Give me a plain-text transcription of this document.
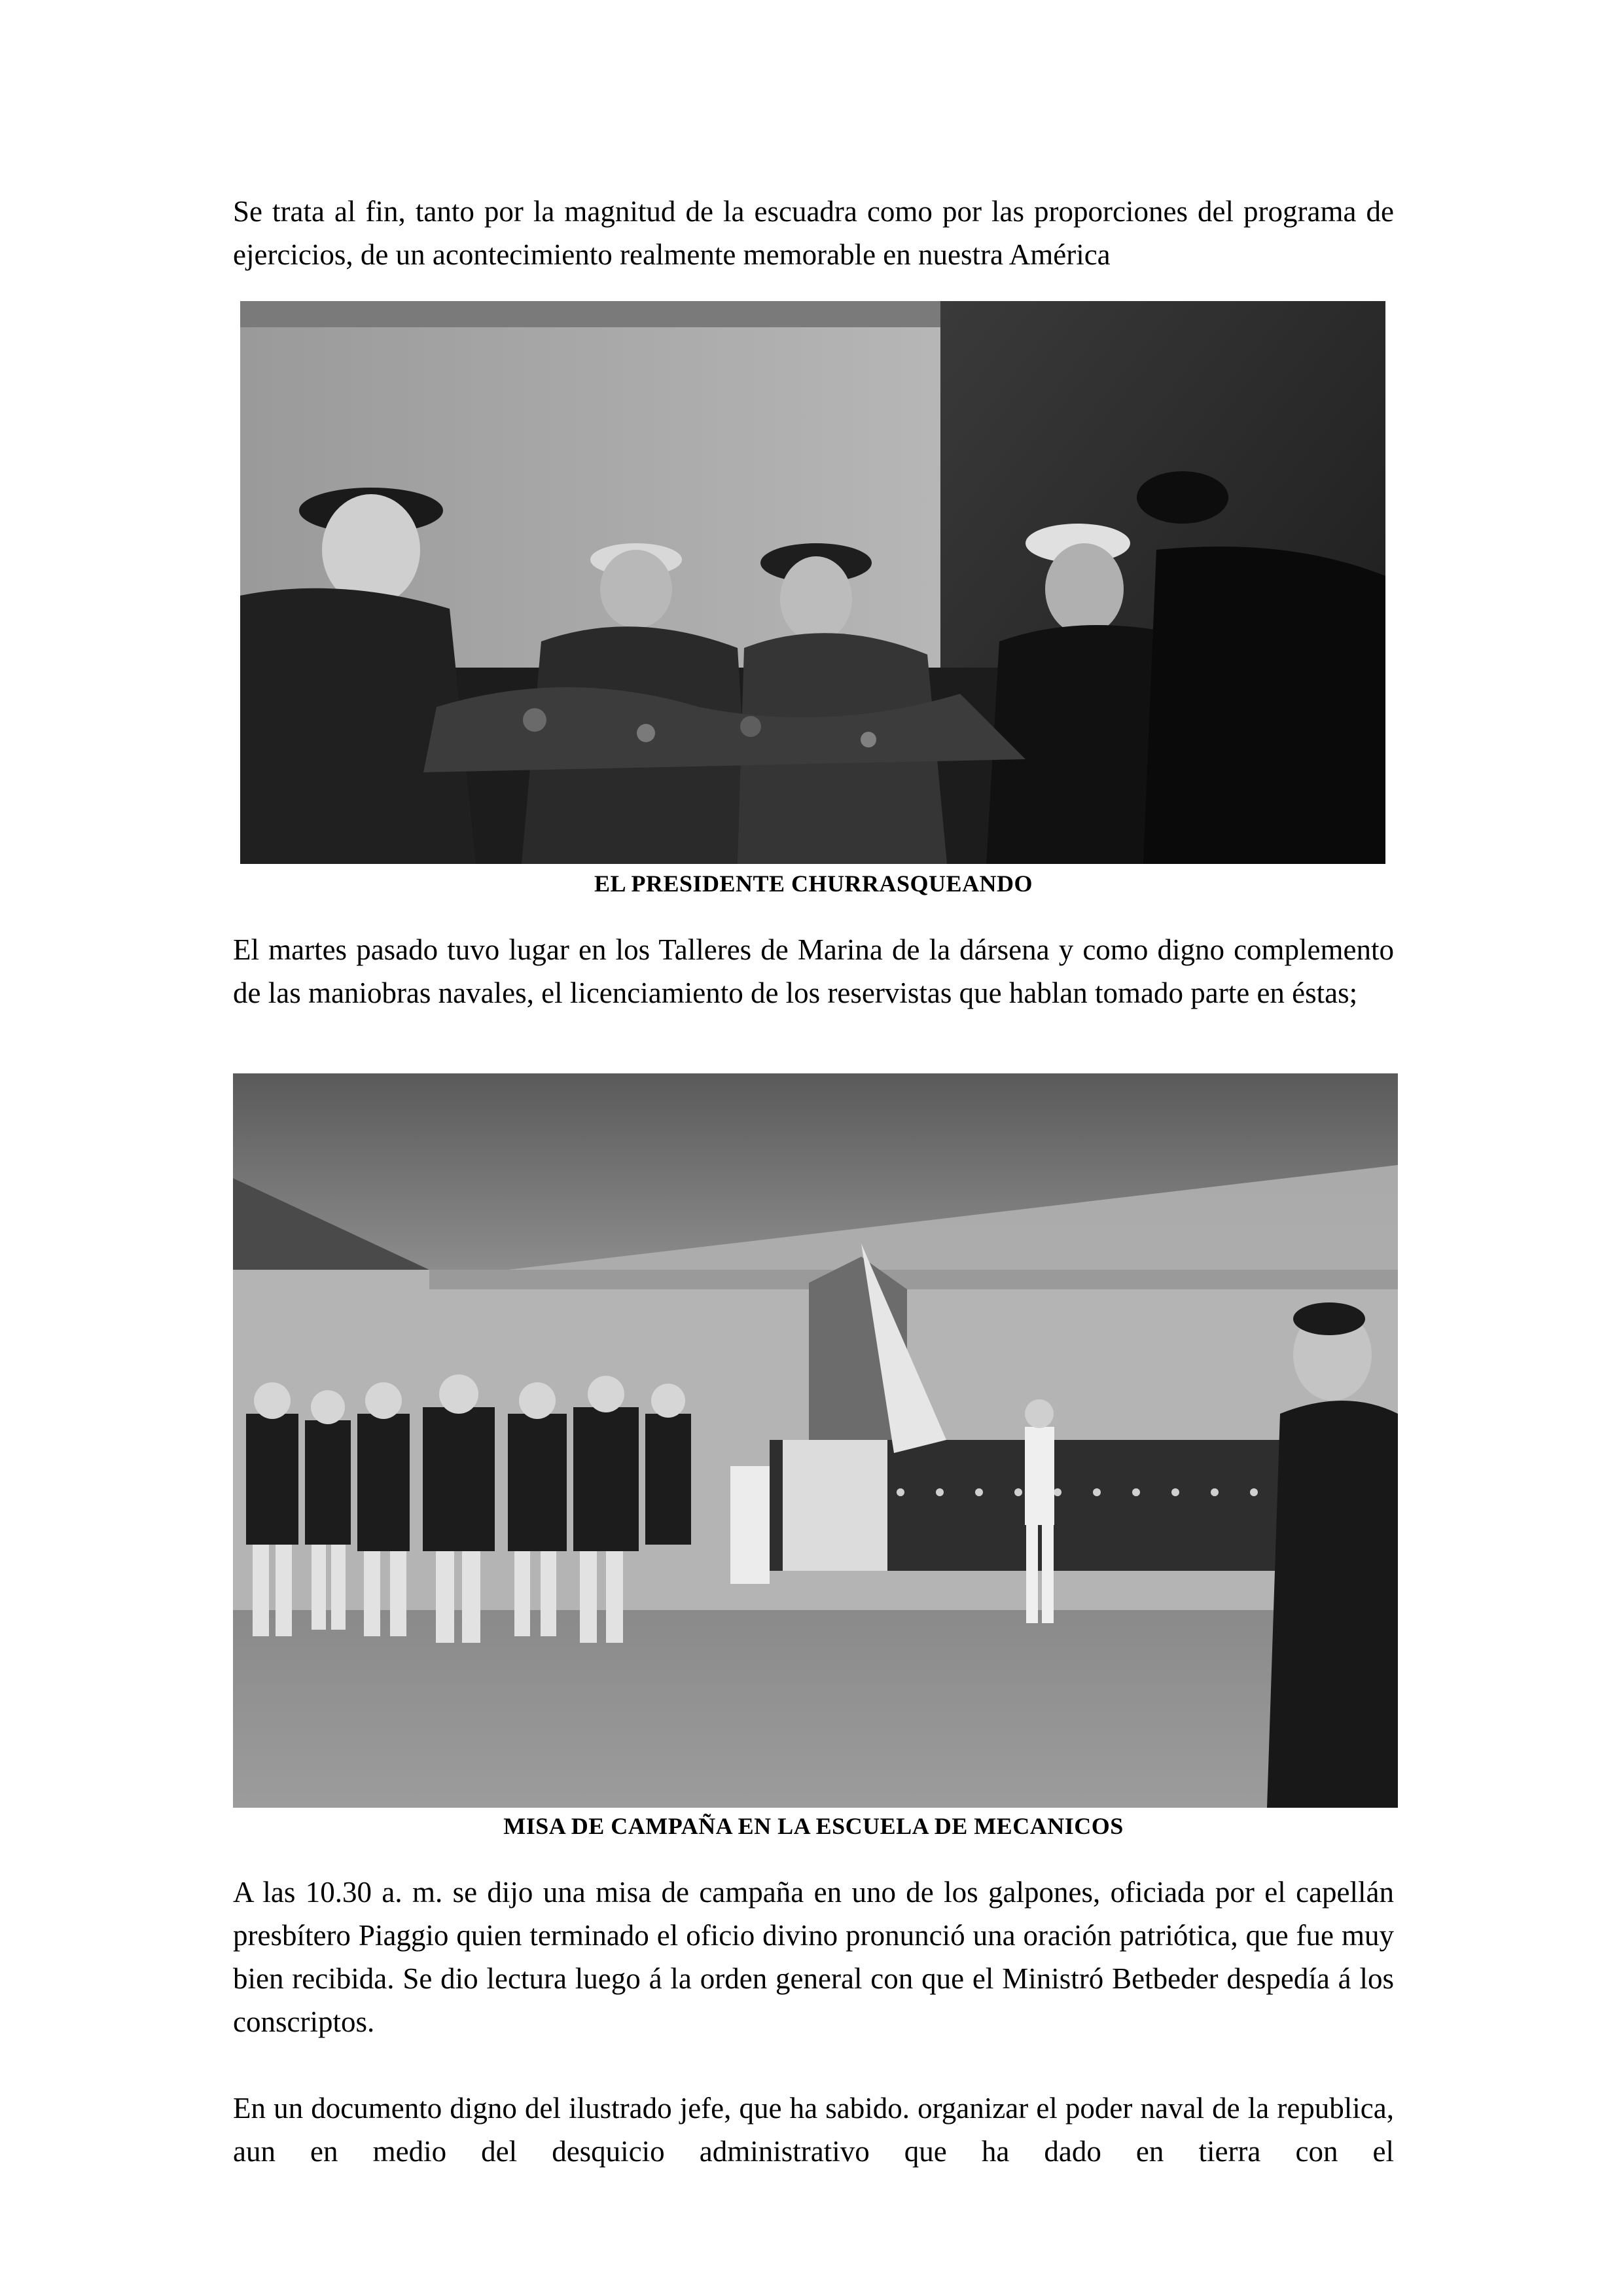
Se trata al fin, tanto por la magnitud de la escuadra como por las proporciones del programa de ejercicios, de un acontecimiento realmente memorable en nuestra América

EL PRESIDENTE CHURRASQUEANDO

El martes pasado tuvo lugar en los Talleres de Marina de la dársena y como digno complemento de las maniobras navales, el licenciamiento de los reservistas que hablan tomado parte en éstas;

MISA DE CAMPAÑA EN LA ESCUELA DE MECANICOS

A las 10.30 a. m. se dijo una misa de campaña en uno de los galpones, oficiada por el capellán presbítero Piaggio quien terminado el oficio divino pronunció una oración patriótica, que fue muy bien recibida. Se dio lectura luego á la orden general con que el Ministró Betbeder despedía á los conscriptos.

En un documento digno del ilustrado jefe, que ha sabido. organizar el poder naval de la republica, aun en medio del desquicio administrativo que ha dado en tierra con el
